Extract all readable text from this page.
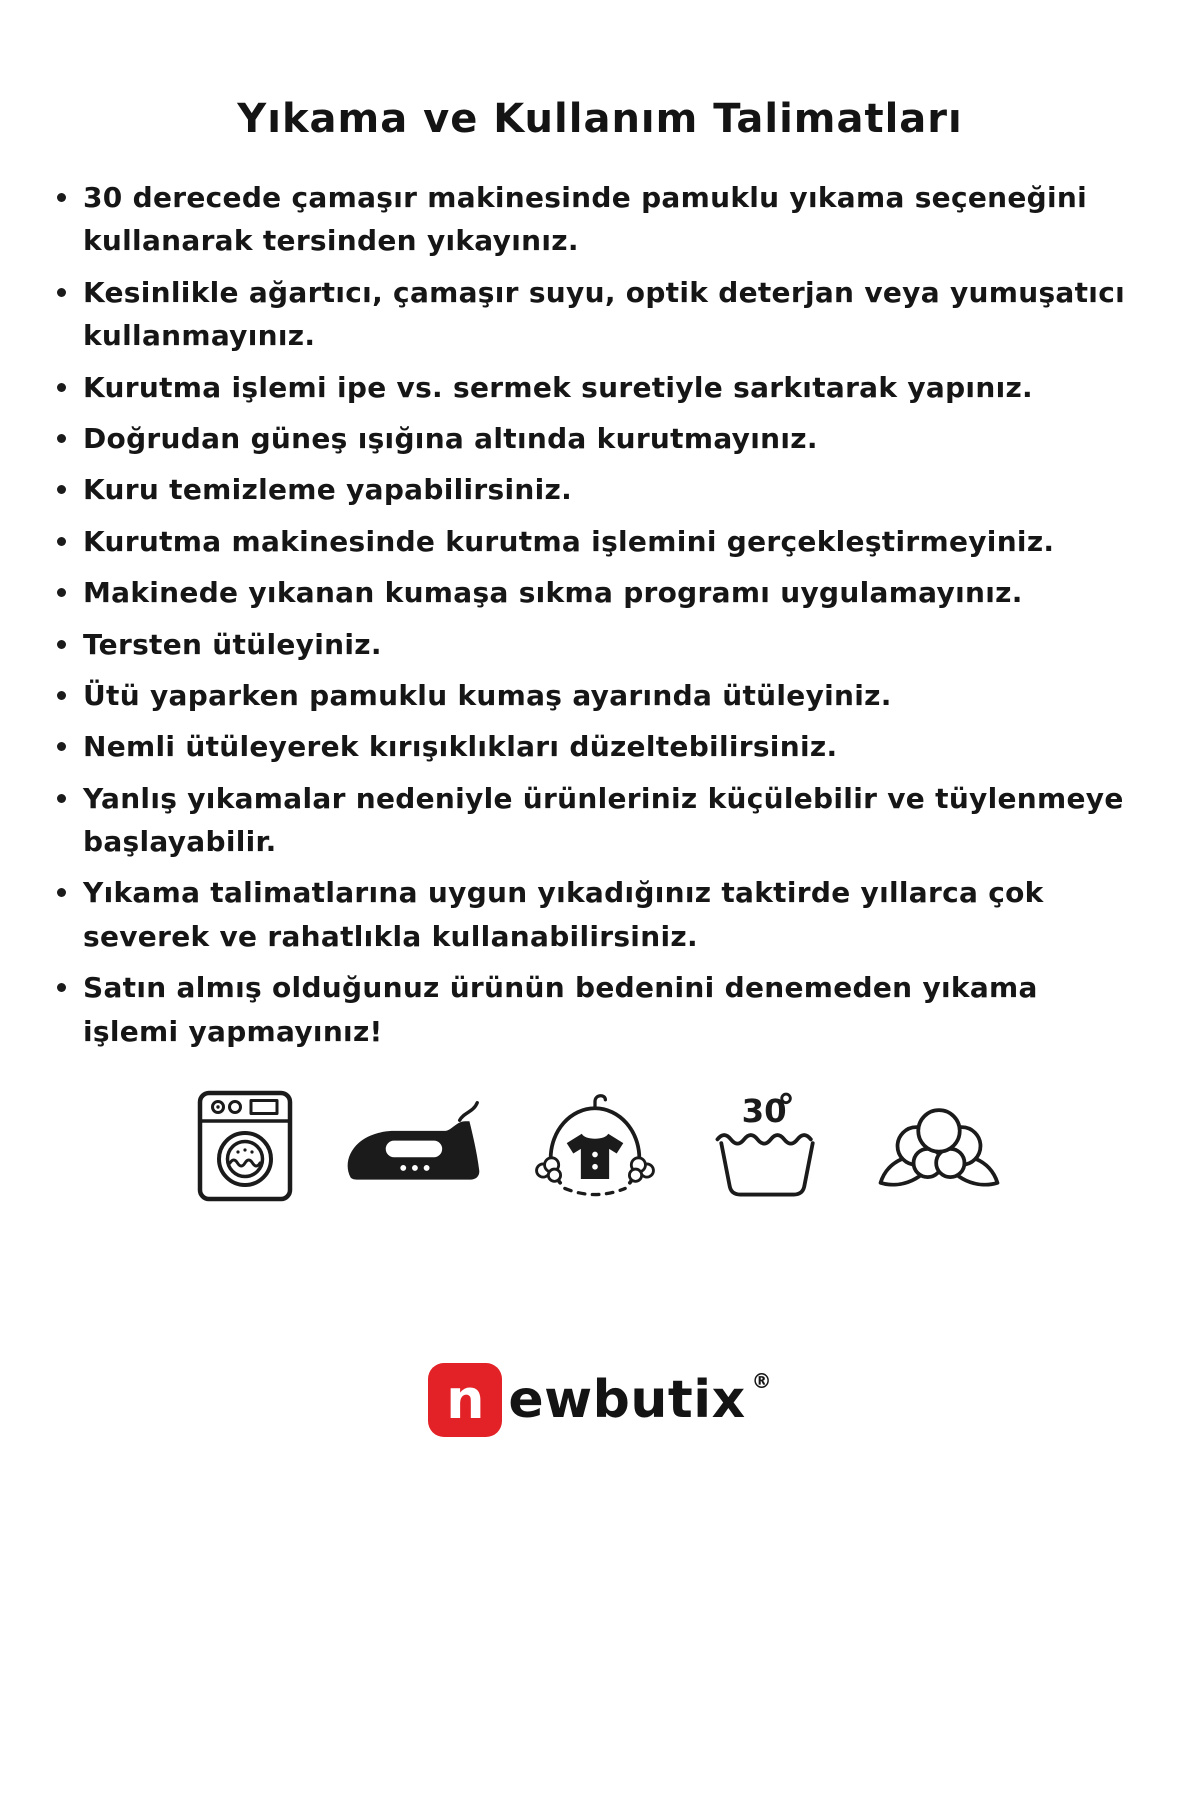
Yıkama ve Kullanım Talimatları
30 derecede çamaşır makinesinde pamuklu yıkama seçeneğini kullanarak tersinden yıkayınız.
Kesinlikle ağartıcı, çamaşır suyu, optik deterjan veya yumuşatıcı kullanmayınız.
Kurutma işlemi ipe vs. sermek suretiyle sarkıtarak yapınız.
Doğrudan güneş ışığına altında kurutmayınız.
Kuru temizleme yapabilirsiniz.
Kurutma makinesinde kurutma işlemini gerçekleştirmeyiniz.
Makinede yıkanan kumaşa sıkma programı uygulamayınız.
Tersten ütüleyiniz.
Ütü yaparken pamuklu kumaş ayarında ütüleyiniz.
Nemli ütüleyerek kırışıklıkları düzeltebilirsiniz.
Yanlış yıkamalar nedeniyle ürünleriniz küçülebilir ve tüylenmeye başlayabilir.
Yıkama talimatlarına uygun yıkadığınız taktirde yıllarca çok severek ve rahatlıkla kullanabilirsiniz.
Satın almış olduğunuz ürünün bedenini denemeden yıkama işlemi yapmayınız!
30
n ewbutix ®
